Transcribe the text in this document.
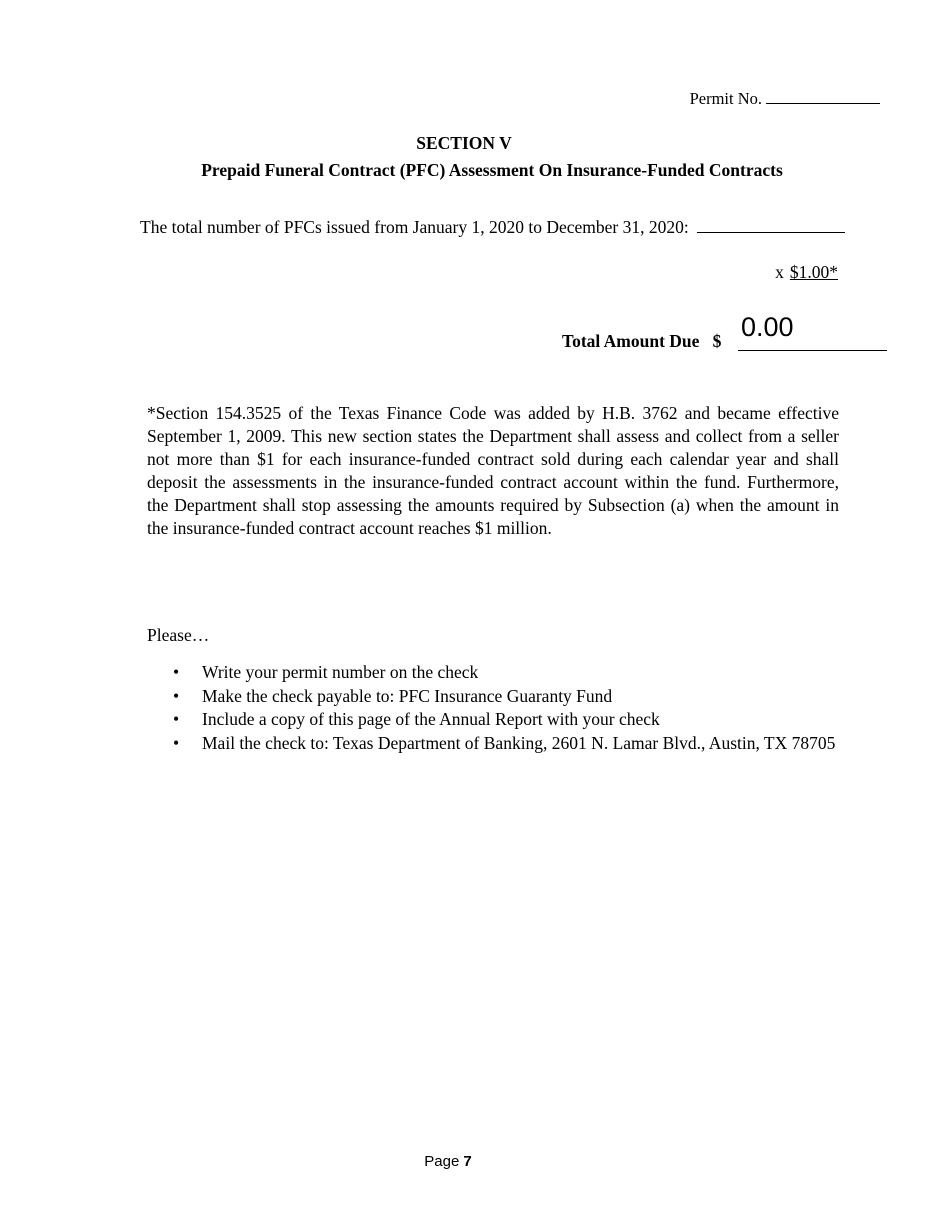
Permit No.
SECTION V
Prepaid Funeral Contract (PFC) Assessment On Insurance-Funded Contracts
The total number of PFCs issued from January 1, 2020 to December 31, 2020:
x $1.00*
Total Amount Due $ 0.00
*Section 154.3525 of the Texas Finance Code was added by H.B. 3762 and became effective September 1, 2009. This new section states the Department shall assess and collect from a seller not more than $1 for each insurance-funded contract sold during each calendar year and shall deposit the assessments in the insurance-funded contract account within the fund. Furthermore, the Department shall stop assessing the amounts required by Subsection (a) when the amount in the insurance-funded contract account reaches $1 million.
Please…
• Write your permit number on the check
• Make the check payable to: PFC Insurance Guaranty Fund
• Include a copy of this page of the Annual Report with your check
• Mail the check to: Texas Department of Banking, 2601 N. Lamar Blvd., Austin, TX 78705
Page 7
